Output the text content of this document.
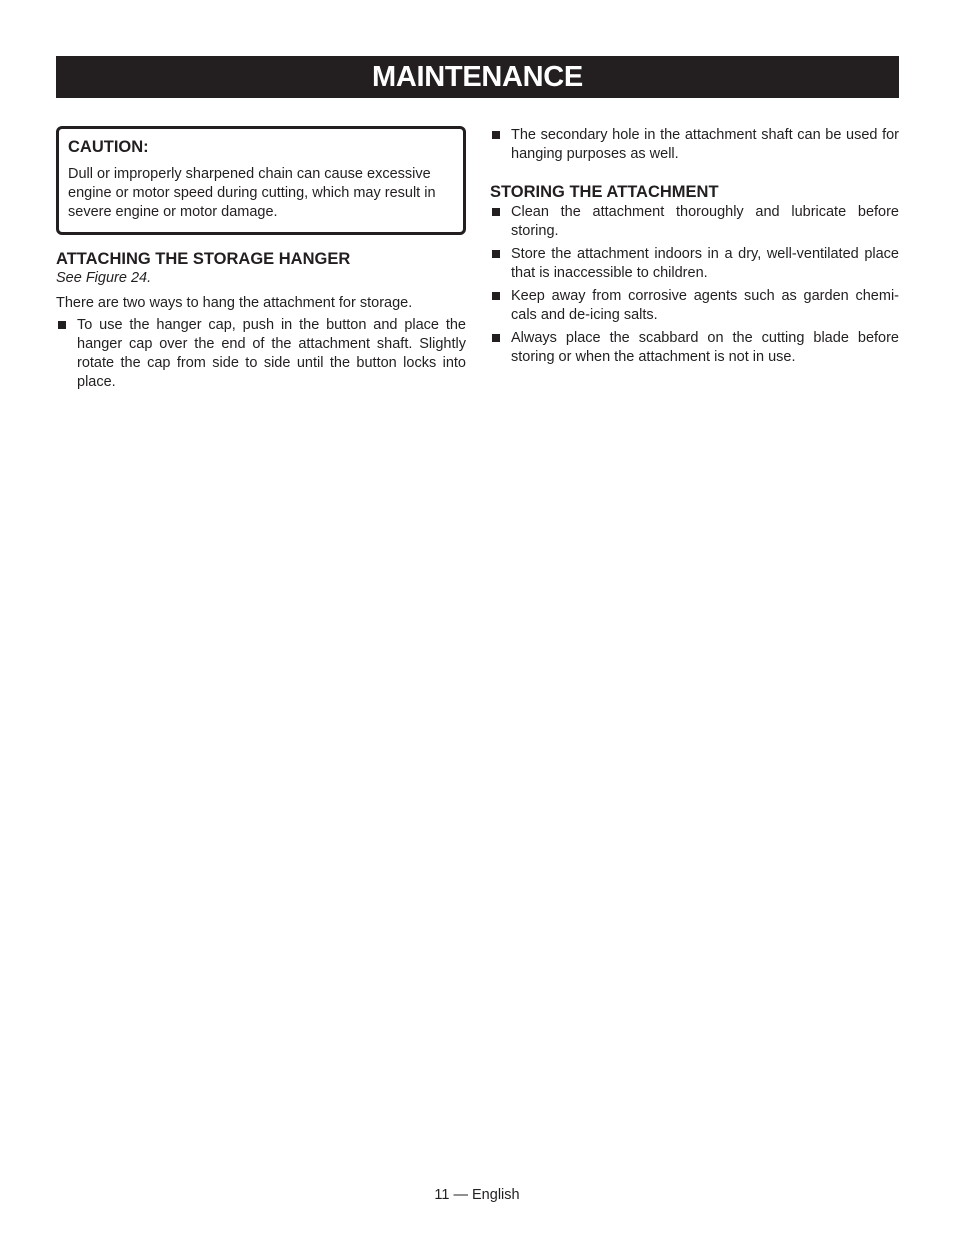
MAINTENANCE

CAUTION:

Dull or improperly sharpened chain can cause excessive engine or motor speed during cutting, which may result in severe engine or motor damage.

ATTACHING THE STORAGE HANGER

See Figure 24.

There are two ways to hang the attachment for storage.

To use the hanger cap, push in the button and place the hanger cap over the end of the attachment shaft. Slightly rotate the cap from side to side until the button locks into place.
The secondary hole in the attachment shaft can be used for hanging purposes as well.

STORING THE ATTACHMENT

Clean the attachment thoroughly and lubricate before storing.
Store the attachment indoors in a dry, well-ventilated place that is inaccessible to children.
Keep away from corrosive agents such as garden chemi-cals and de-icing salts.
Always place the scabbard on the cutting blade before storing or when the attachment is not in use.
11 — English
